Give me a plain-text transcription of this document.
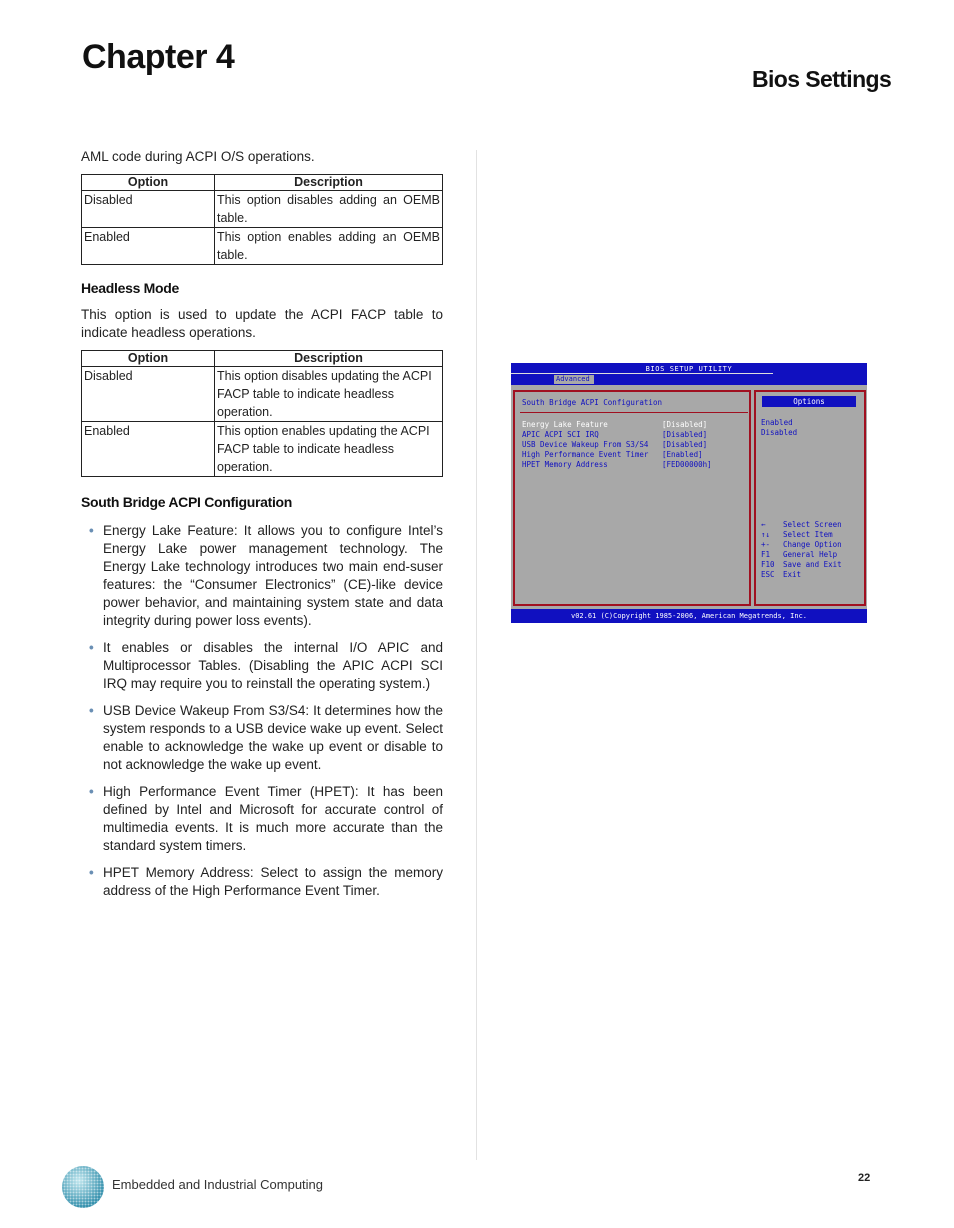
Chapter 4
Bios Settings
AML code during ACPI O/S operations.
Option	Description
Disabled	This option disables adding an OEMB table.
Enabled	This option enables adding an OEMB table.
Headless Mode
This option is used to update the ACPI FACP table to indicate headless operations.
Option	Description
Disabled	This option disables updating the ACPI FACP table to indicate headless operation.
Enabled	This option enables updating the ACPI FACP table to indicate headless operation.
South Bridge ACPI Configuration
• Energy Lake Feature: It allows you to configure Intel’s Energy Lake power management technology. The Energy Lake technology introduces two main end-suser features: the “Consumer Electronics” (CE)-like device power behavior, and maintaining system state and data integrity during power loss events).
• It enables or disables the internal I/O APIC and Multiprocessor Tables. (Disabling the APIC ACPI SCI IRQ may require you to reinstall the operating system.)
• USB Device Wakeup From S3/S4: It determines how the system responds to a USB device wake up event. Select enable to acknowledge the wake up event or disable to not acknowledge the wake up event.
• High Performance Event Timer (HPET): It has been defined by Intel and Microsoft for accurate control of multimedia events. It is much more accurate than the standard system timers.
• HPET Memory Address: Select to assign the memory address of the High Performance Event Timer.
BIOS SETUP UTILITY
Advanced
South Bridge ACPI Configuration
Energy Lake Feature	[Disabled]
APIC ACPI SCI IRQ	[Disabled]
USB Device Wakeup From S3/S4 [Disabled]
High Performance Event Timer [Enabled]
HPET Memory Address	[FED00000h]
Options
Enabled
Disabled
← Select Screen
↑↓ Select Item
+- Change Option
F1 General Help
F10 Save and Exit
ESC Exit
v02.61 (C)Copyright 1985-2006, American Megatrends, Inc.
Embedded and Industrial Computing	22
